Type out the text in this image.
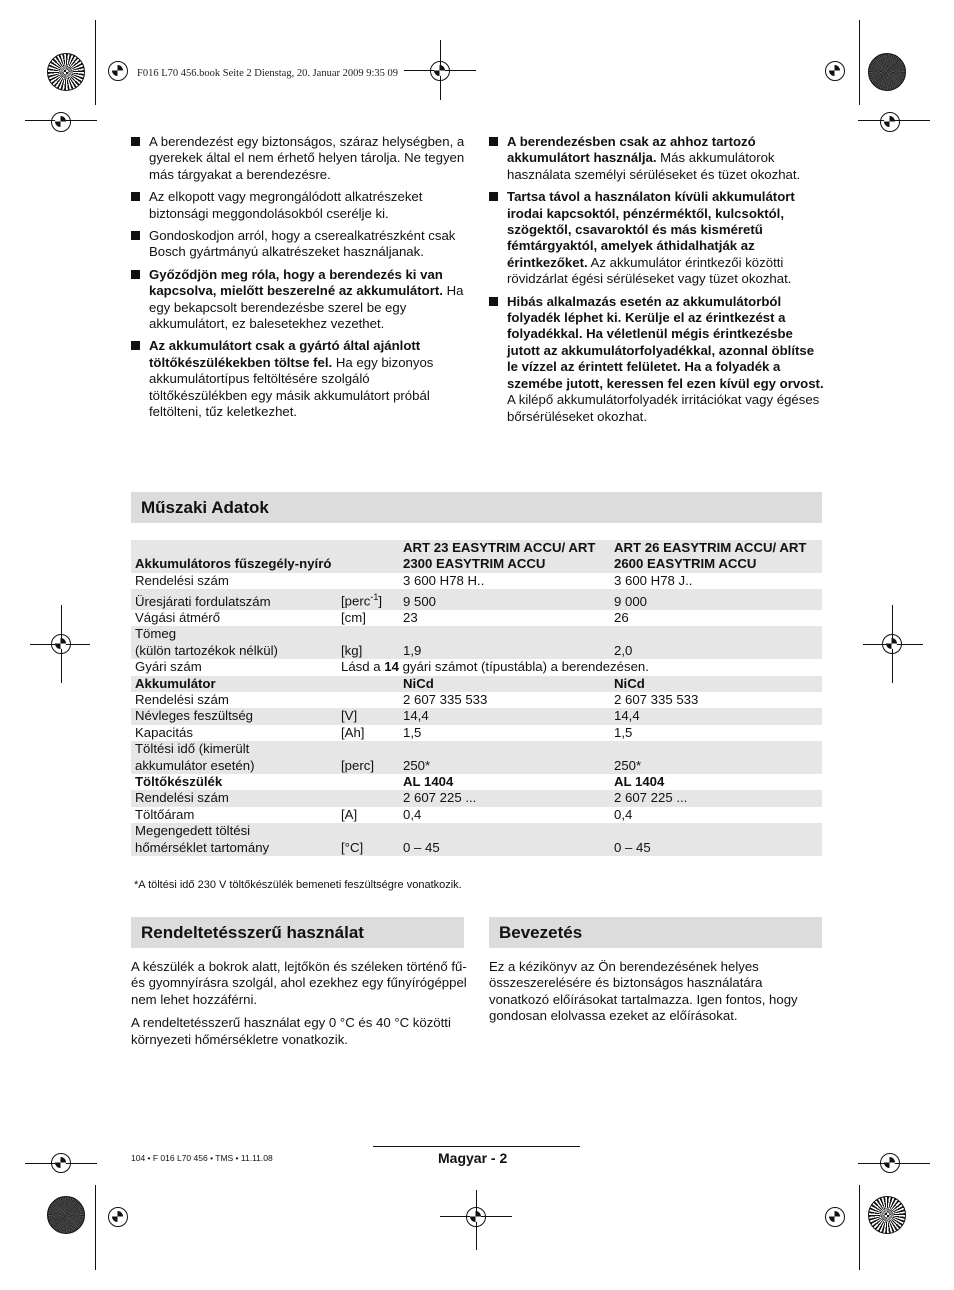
F016 L70 456.book Seite 2 Dienstag, 20. Januar 2009 9:35 09
A berendezést egy biztonságos, száraz helységben, a gyerekek által el nem érhető helyen tárolja. Ne tegyen más tárgyakat a berendezésre.
Az elkopott vagy megrongálódott alkatrészeket biztonsági meggondolásokból cserélje ki.
Gondoskodjon arról, hogy a cserealkatrészként csak Bosch gyártmányú alkatrészeket használjanak.
Győződjön meg róla, hogy a berendezés ki van kapcsolva, mielőtt beszerelné az akkumulátort. Ha egy bekapcsolt berendezésbe szerel be egy akkumulátort, ez balesetekhez vezethet.
Az akkumulátort csak a gyártó által ajánlott töltőkészülékekben töltse fel. Ha egy bizonyos akkumulátortípus feltöltésére szolgáló töltőkészülékben egy másik akkumulátort próbál feltölteni, tűz keletkezhet.
A berendezésben csak az ahhoz tartozó akkumulátort használja. Más akkumulátorok használata személyi sérüléseket és tüzet okozhat.
Tartsa távol a használaton kívüli akkumulátort irodai kapcsoktól, pénzérméktől, kulcsoktól, szögektől, csavaroktól és más kisméretű fémtárgyaktól, amelyek áthidalhatják az érintkezőket. Az akkumulátor érintkezői közötti rövidzárlat égési sérüléseket vagy tüzet okozhat.
Hibás alkalmazás esetén az akkumulátorból folyadék léphet ki. Kerülje el az érintkezést a folyadékkal. Ha véletlenül mégis érintkezésbe jutott az akkumulátorfolyadékkal, azonnal öblítse le vízzel az érintett felületet. Ha a folyadék a szemébe jutott, keressen fel ezen kívül egy orvost. A kilépő akkumulátorfolyadék irritációkat vagy égéses bőrsérüléseket okozhat.
Műszaki Adatok
Akkumulátoros fűszegély-nyíró		ART 23 EASYTRIM ACCU/ ART 2300 EASYTRIM ACCU	ART 26 EASYTRIM ACCU/ ART 2600 EASYTRIM ACCU
Rendelési szám		3 600 H78 H..	3 600 H78 J..
Üresjárati fordulatszám	[perc$^{-1}$]	9 500	9 000
Vágási átmérő	[cm]	23	26
Tömeg
(külön tartozékok nélkül)	[kg]	1,9	2,0
Gyári szám	Lásd a 14 gyári számot (típustábla) a berendezésen.		
Akkumulátor		NiCd	NiCd
Rendelési szám		2 607 335 533	2 607 335 533
Névleges feszültség	[V]	14,4	14,4
Kapacitás	[Ah]	1,5	1,5
Töltési idő (kimerült
akkumulátor esetén)	[perc]	250*	250*
Töltőkészülék		AL 1404	AL 1404
Rendelési szám		2 607 225 ...	2 607 225 ...
Töltőáram	[A]	0,4	0,4
Megengedett töltési
hőmérséklet tartomány	[°C]	0 – 45	0 – 45
*A töltési idő 230 V töltőkészülék bemeneti feszültségre vonatkozik.
Rendeltetésszerű használat

A készülék a bokrok alatt, lejtőkön és széleken történő fű- és gyomnyírásra szolgál, ahol ezekhez egy fűnyírógéppel nem lehet hozzáférni.

A rendeltetésszerű használat egy 0 °C és 40 °C közötti környezeti hőmérsékletre vonatkozik.

Bevezetés

Ez a kézikönyv az Ön berendezésének helyes összeszerelésére és biztonságos használatára vonatkozó előírásokat tartalmazza. Igen fontos, hogy gondosan elolvassa ezeket az előírásokat.

104 • F 016 L70 456 • TMS • 11.11.08	Magyar - 2
